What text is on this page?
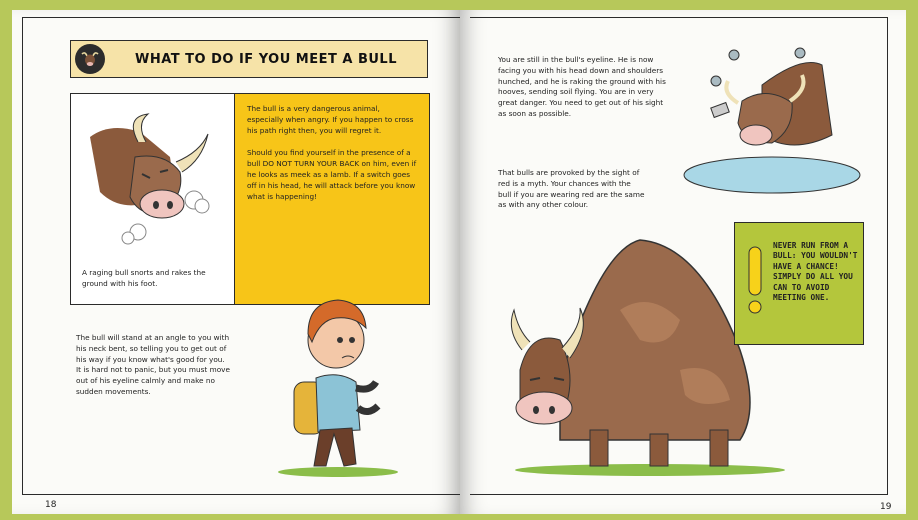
WHAT TO DO IF YOU MEET A BULL

The bull is a very dangerous animal, especially when angry. If you happen to cross his path right then, you will regret it.

Should you find yourself in the presence of a bull DO NOT TURN YOUR BACK on him, even if he looks as meek as a lamb. If a switch goes off in his head, he will attack before you know what is happening!

A raging bull snorts and rakes the ground with his foot.
The bull will stand at an angle to you with his neck bent, so telling you to get out of his way if you know what's good for you. It is hard not to panic, but you must move out of his eyeline calmly and make no sudden movements.
You are still in the bull's eyeline. He is now facing you with his head down and shoulders hunched, and he is raking the ground with his hooves, sending soil flying. You are in very great danger. You need to get out of his sight as soon as possible.
That bulls are provoked by the sight of red is a myth. Your chances with the bull if you are wearing red are the same as with any other colour.
NEVER RUN FROM A BULL: YOU WOULDN'T HAVE A CHANCE! SIMPLY DO ALL YOU CAN TO AVOID MEETING ONE.
18	19
